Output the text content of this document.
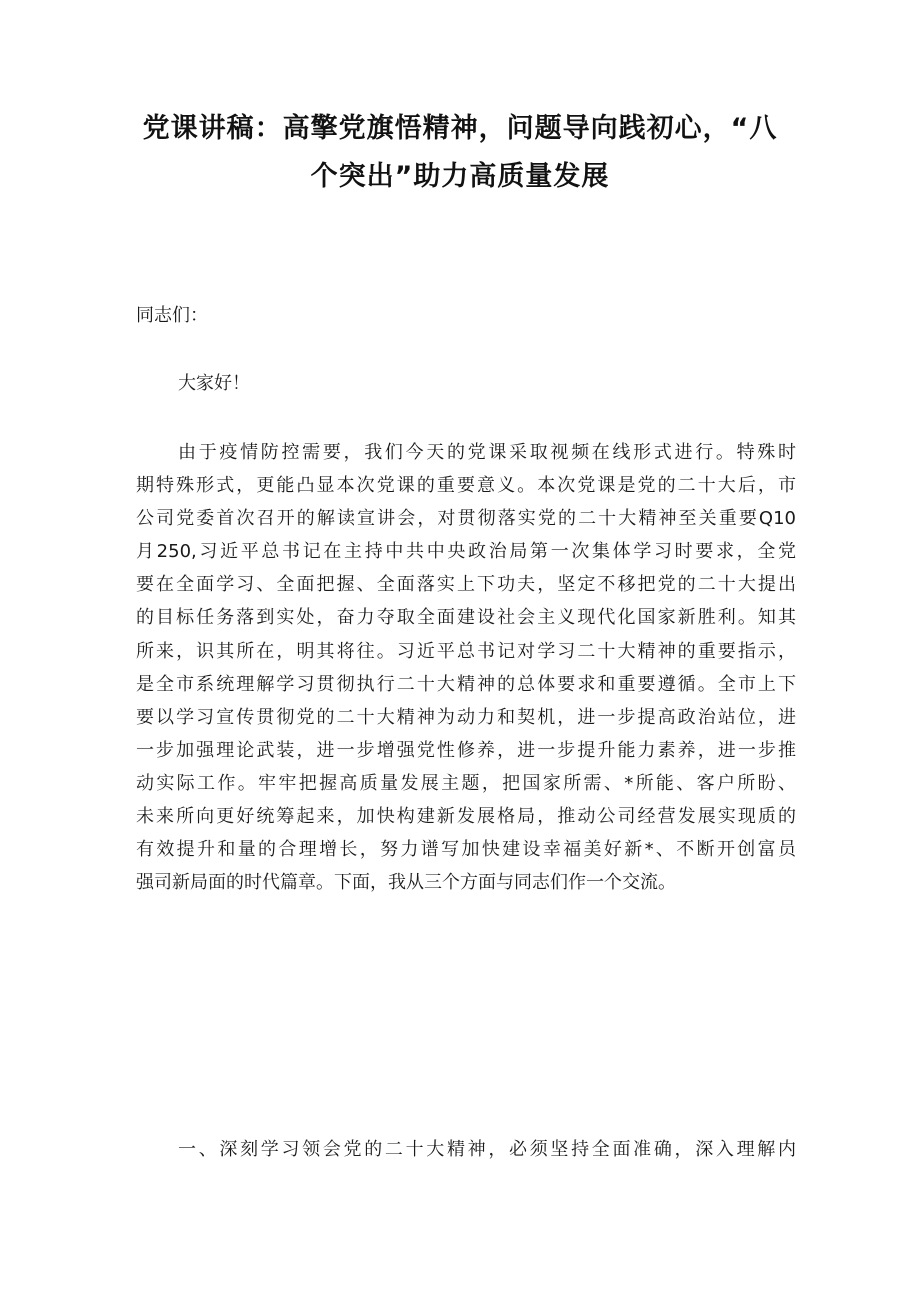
党课讲稿：高擎党旗悟精神，问题导向践初心，“八
个突出”助力高质量发展

同志们：

大家好！

由于疫情防控需要，我们今天的党课采取视频在线形式进行。特殊时
期特殊形式，更能凸显本次党课的重要意义。本次党课是党的二十大后，市
公司党委首次召开的解读宣讲会，对贯彻落实党的二十大精神至关重要Q10
月250,习近平总书记在主持中共中央政治局第一次集体学习时要求，全党
要在全面学习、全面把握、全面落实上下功夫，坚定不移把党的二十大提出
的目标任务落到实处，奋力夺取全面建设社会主义现代化国家新胜利。知其
所来，识其所在，明其将往。习近平总书记对学习二十大精神的重要指示，
是全市系统理解学习贯彻执行二十大精神的总体要求和重要遵循。全市上下
要以学习宣传贯彻党的二十大精神为动力和契机，进一步提高政治站位，进
一步加强理论武装，进一步增强党性修养，进一步提升能力素养，进一步推
动实际工作。牢牢把握高质量发展主题，把国家所需、*所能、客户所盼、
未来所向更好统筹起来，加快构建新发展格局，推动公司经营发展实现质的
有效提升和量的合理增长，努力谱写加快建设幸福美好新*、不断开创富员
强司新局面的时代篇章。下面，我从三个方面与同志们作一个交流。

一、深刻学习领会党的二十大精神，必须坚持全面准确，深入理解内
